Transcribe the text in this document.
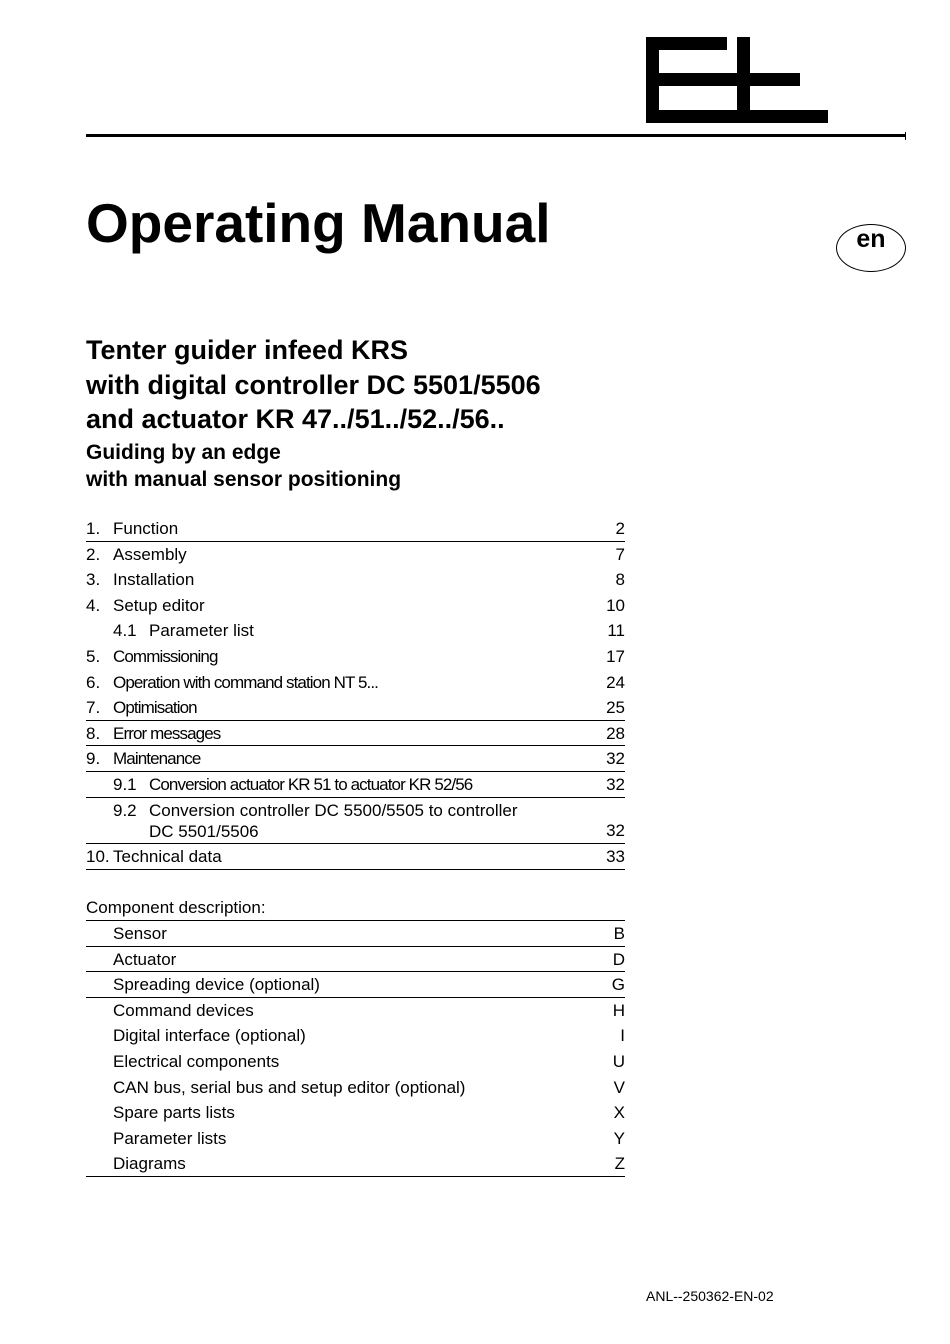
Operating Manual	en
Tenter guider infeed KRS
with digital controller DC 5501/5506
and actuator KR 47../51../52../56..
Guiding by an edge
with manual sensor positioning
1. Function	2
2. Assembly	7
3. Installation	8
4. Setup editor	10
4.1 Parameter list	11
5. Commissioning	17
6. Operation with command station NT 5...	24
7. Optimisation	25
8. Error messages	28
9. Maintenance	32
9.1 Conversion actuator KR 51 to actuator KR 52/56	32
9.2 Conversion controller DC 5500/5505 to controller
DC 5501/5506	32
10. Technical data	33
Component description:
Sensor	B
Actuator	D
Spreading device (optional)	G
Command devices	H
Digital interface (optional)	I
Electrical components	U
CAN bus, serial bus and setup editor (optional)	V
Spare parts lists	X
Parameter lists	Y
Diagrams	Z
ANL--250362-EN-02
